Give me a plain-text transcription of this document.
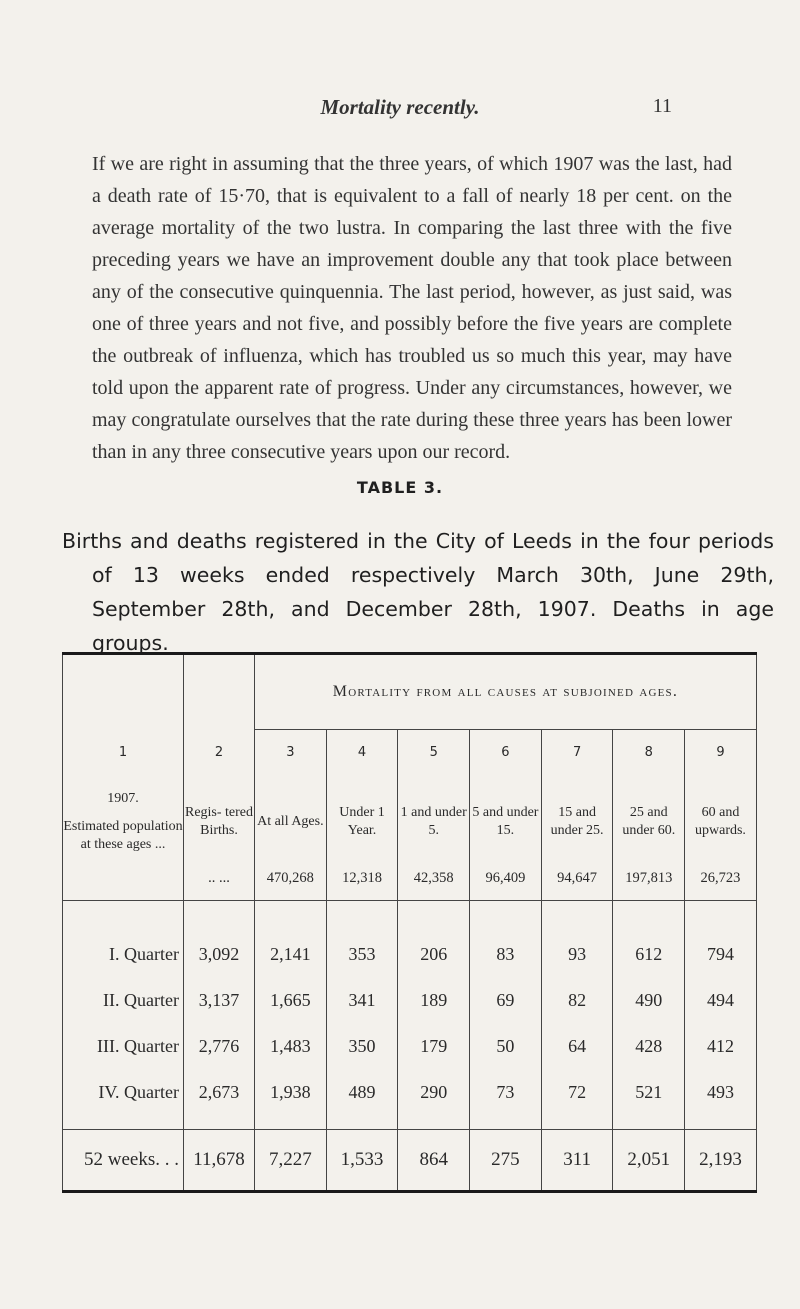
Mortality recently.	11

If we are right in assuming that the three years, of which 1907 was the last, had a death rate of 15·70, that is equivalent to a fall of nearly 18 per cent. on the average mortality of the two lustra. In comparing the last three with the five preceding years we have an improvement double any that took place between any of the consecutive quinquennia. The last period, however, as just said, was one of three years and not five, and possibly before the five years are complete the outbreak of influenza, which has troubled us so much this year, may have told upon the apparent rate of progress. Under any circumstances, however, we may congratulate ourselves that the rate during these three years has been lower than in any three consecutive years upon our record.

TABLE 3.

Births and deaths registered in the City of Leeds in the four periods of 13 weeks ended respectively March 30th, June 29th, September 28th, and December 28th, 1907. Deaths in age groups.

		Mortality from all causes at subjoined ages.						

1	2	3	4	5	6	7	8	9

1907.
Estimated population at these ages ...	Regis- tered Births.	At all Ages.	Under 1 Year.	1 and under 5.	5 and under 15.	15 and under 25.	25 and under 60.	60 and upwards.
	.. ...	470,268	12,318	42,358	96,409	94,647	197,813	26,723

I. Quarter	3,092	2,141	353	206	83	93	612	794
II. Quarter	3,137	1,665	341	189	69	82	490	494
III. Quarter	2,776	1,483	350	179	50	64	428	412
IV. Quarter	2,673	1,938	489	290	73	72	521	493

52 weeks. . .	11,678	7,227	1,533	864	275	311	2,051	2,193
